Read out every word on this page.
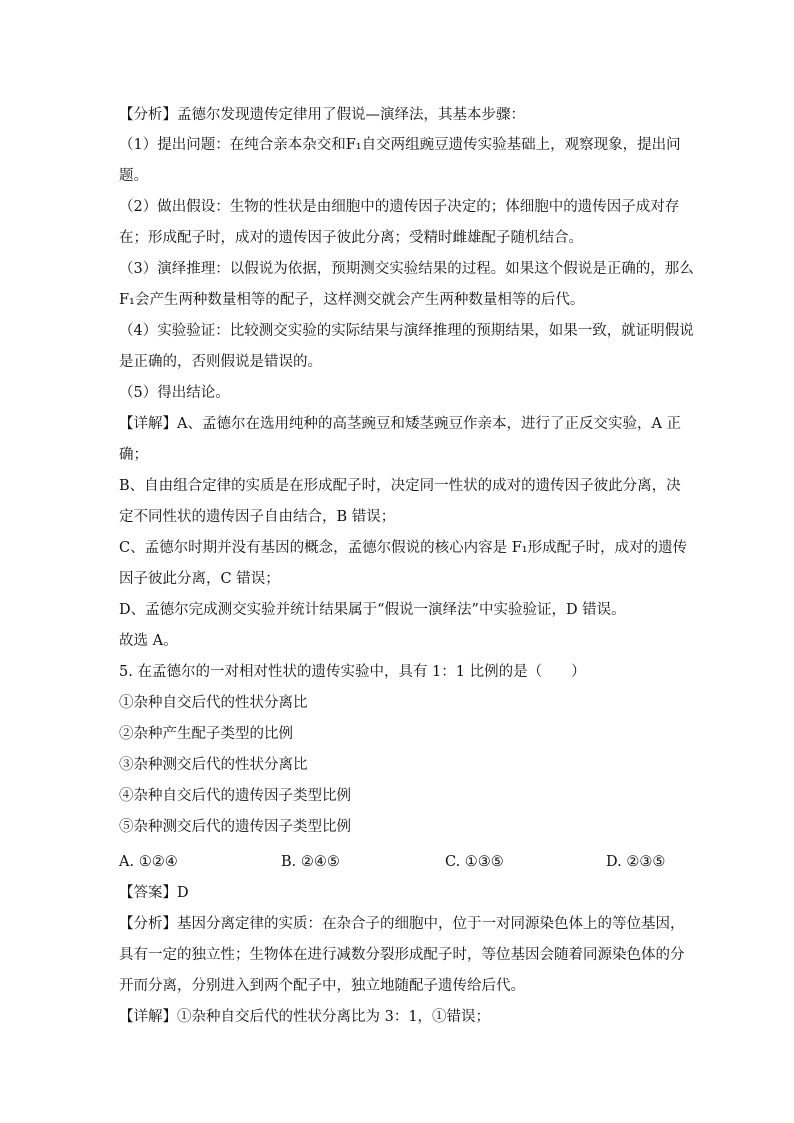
【分析】孟德尔发现遗传定律用了假说—演绎法，其基本步骤：

（1）提出问题：在纯合亲本杂交和F₁自交两组豌豆遗传实验基础上，观察现象，提出问

题。

（2）做出假设：生物的性状是由细胞中的遗传因子决定的；体细胞中的遗传因子成对存

在；形成配子时，成对的遗传因子彼此分离；受精时雌雄配子随机结合。

（3）演绎推理：以假说为依据，预期测交实验结果的过程。如果这个假说是正确的，那么

F₁会产生两种数量相等的配子，这样测交就会产生两种数量相等的后代。

（4）实验验证：比较测交实验的实际结果与演绎推理的预期结果，如果一致，就证明假说

是正确的，否则假说是错误的。

（5）得出结论。

【详解】A、孟德尔在选用纯种的高茎豌豆和矮茎豌豆作亲本，进行了正反交实验，A 正

确；

B、自由组合定律的实质是在形成配子时，决定同一性状的成对的遗传因子彼此分离，决

定不同性状的遗传因子自由结合，B 错误；

C、孟德尔时期并没有基因的概念，孟德尔假说的核心内容是 F₁形成配子时，成对的遗传

因子彼此分离，C 错误；

D、孟德尔完成测交实验并统计结果属于“假说一演绎法”中实验验证，D 错误。

故选 A。

5. 在孟德尔的一对相对性状的遗传实验中，具有 1：1 比例的是（　　）

①杂种自交后代的性状分离比

②杂种产生配子类型的比例

③杂种测交后代的性状分离比

④杂种自交后代的遗传因子类型比例

⑤杂种测交后代的遗传因子类型比例

A. ①②④	B. ②④⑤	C. ①③⑤	D. ②③⑤

【答案】D

【分析】基因分离定律的实质：在杂合子的细胞中，位于一对同源染色体上的等位基因，

具有一定的独立性；生物体在进行减数分裂形成配子时，等位基因会随着同源染色体的分

开而分离，分别进入到两个配子中，独立地随配子遗传给后代。

【详解】①杂种自交后代的性状分离比为 3：1，①错误；
